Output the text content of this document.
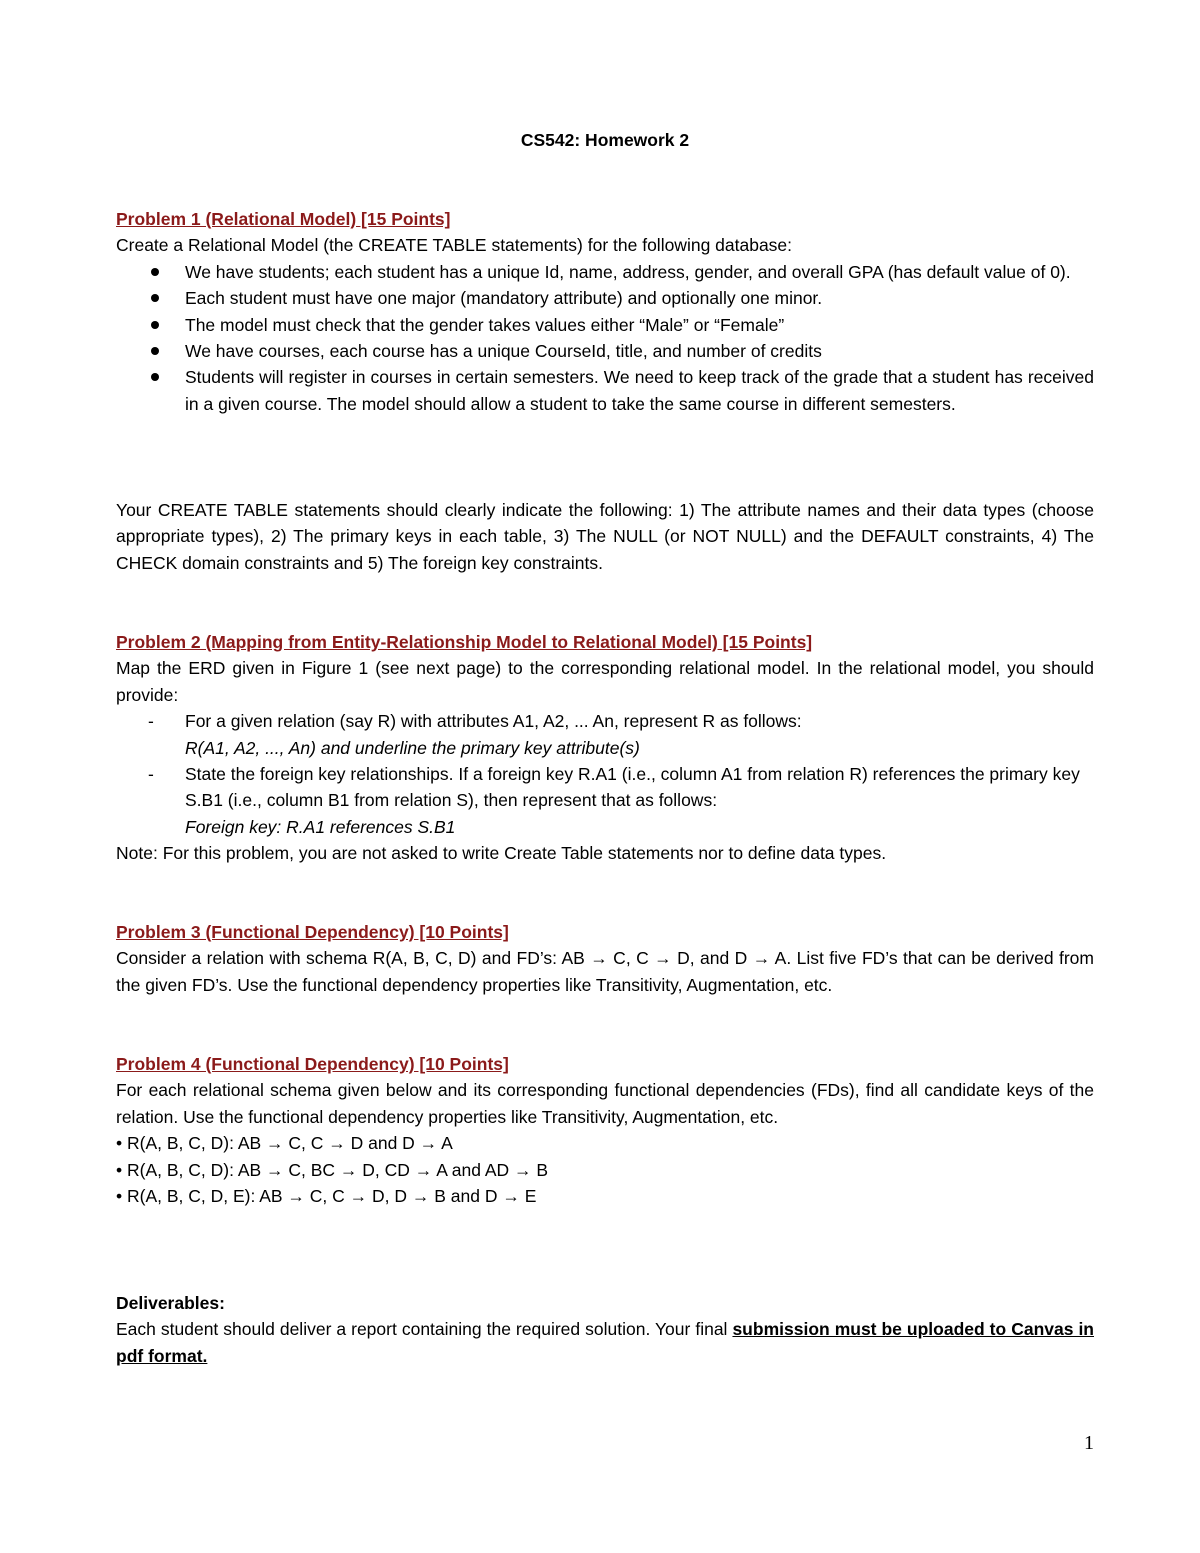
CS542: Homework 2
Problem 1 (Relational Model) [15 Points]
Create a Relational Model (the CREATE TABLE statements) for the following database:
We have students; each student has a unique Id, name, address, gender, and overall GPA (has default value of 0).
Each student must have one major (mandatory attribute) and optionally one minor.
The model must check that the gender takes values either “Male” or “Female”
We have courses, each course has a unique CourseId, title, and number of credits
Students will register in courses in certain semesters. We need to keep track of the grade that a student has received in a given course. The model should allow a student to take the same course in different semesters.
Your CREATE TABLE statements should clearly indicate the following: 1) The attribute names and their data types (choose appropriate types), 2) The primary keys in each table, 3) The NULL (or NOT NULL) and the DEFAULT constraints, 4) The CHECK domain constraints and 5) The foreign key constraints.
Problem 2 (Mapping from Entity-Relationship Model to Relational Model) [15 Points]
Map the ERD given in Figure 1 (see next page) to the corresponding relational model. In the relational model, you should provide:
- For a given relation (say R) with attributes A1, A2, ... An, represent R as follows:
R(A1, A2, ..., An) and underline the primary key attribute(s)
- State the foreign key relationships. If a foreign key R.A1 (i.e., column A1 from relation R) references the primary key S.B1 (i.e., column B1 from relation S), then represent that as follows:
Foreign key: R.A1 references S.B1
Note: For this problem, you are not asked to write Create Table statements nor to define data types.
Problem 3 (Functional Dependency) [10 Points]
Consider a relation with schema R(A, B, C, D) and FD’s: AB → C, C → D, and D → A. List five FD’s that can be derived from the given FD’s. Use the functional dependency properties like Transitivity, Augmentation, etc.
Problem 4 (Functional Dependency) [10 Points]
For each relational schema given below and its corresponding functional dependencies (FDs), find all candidate keys of the relation. Use the functional dependency properties like Transitivity, Augmentation, etc.
• R(A, B, C, D): AB → C, C → D and D → A
• R(A, B, C, D): AB → C, BC → D, CD → A and AD → B
• R(A, B, C, D, E): AB → C, C → D, D → B and D → E
Deliverables:
Each student should deliver a report containing the required solution. Your final submission must be uploaded to Canvas in pdf format.
1
